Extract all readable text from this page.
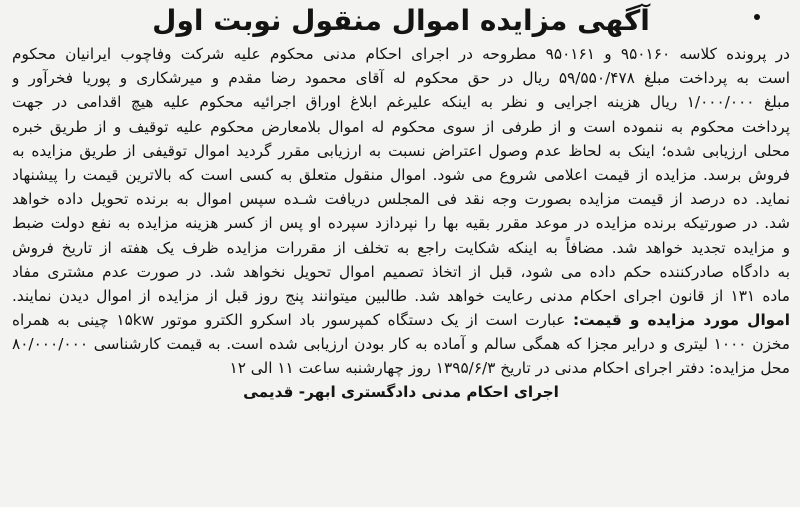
آگهی مزایده اموال منقول نوبت اول
در پرونده کلاسه ۹۵۰۱۶۰ و ۹۵۰۱۶۱ مطروحه در اجرای احکام مدنی محکوم علیه شرکت وفاچوب ایرانیان محکوم
است به پرداخت مبلغ ۵۹/۵۵۰/۴۷۸ ریال در حق محکوم له آقای محمود رضا مقدم و میرشکاری و پوریا فخرآور و
مبلغ ۱/۰۰۰/۰۰۰ ریال هزینه اجرایی و نظر به اینکه علیرغم ابلاغ اوراق اجرائیه محکوم علیه هیچ اقدامی در جهت
پرداخت محکوم به ننموده است و از طرفی از سوی محکوم له اموال بلامعارض محکوم علیه توقیف و از طریق خبره
محلی ارزیابی شده؛ اینک به لحاظ عدم وصول اعتراض نسبت به ارزیابی مقرر گردید اموال توقیفی از طریق مزایده به
فروش برسد. مزایده از قیمت اعلامی شروع می شود. اموال منقول متعلق به کسی است که بالاترین قیمت را پیشنهاد
نماید. ده درصد از قیمت مزایده بصورت وجه نقد فی المجلس دریافت شـده سپس اموال به برنده تحویل داده خواهد
شد. در صورتیکه برنده مزایده در موعد مقرر بقیه بها را نپردازد سپرده او پس از کسر هزینه مزایده به نفع دولت ضبط
و مزایده تجدید خواهد شد. مضافاً به اینکه شکایت راجع به تخلف از مقررات مزایده ظرف یک هفته از تاریخ فروش
به دادگاه صادرکننده حکم داده می شود، قبل از اتخاذ تصمیم اموال تحویل نخواهد شد. در صورت عدم مشتری مفاد
ماده ۱۳۱ از قانون اجرای احکام مدنی رعایت خواهد شد. طالبین میتوانند پنج روز قبل از مزایده از اموال دیدن نمایند.
اموال مورد مزایده و قیمت: عبارت است از یک دستگاه کمپرسور باد اسکرو الکترو موتور ۱۵kw چینی به همراه
مخزن ۱۰۰۰ لیتری و درایر مجزا که همگی سالم و آماده به کار بودن ارزیابی شده است. به قیمت کارشناسی ۸۰/۰۰۰/۰۰۰
محل مزایده: دفتر اجرای احکام مدنی در تاریخ ۱۳۹۵/۶/۳ روز چهارشنبه ساعت ۱۱ الی ۱۲
اجرای احکام مدنی دادگستری ابهر- قدیمی
